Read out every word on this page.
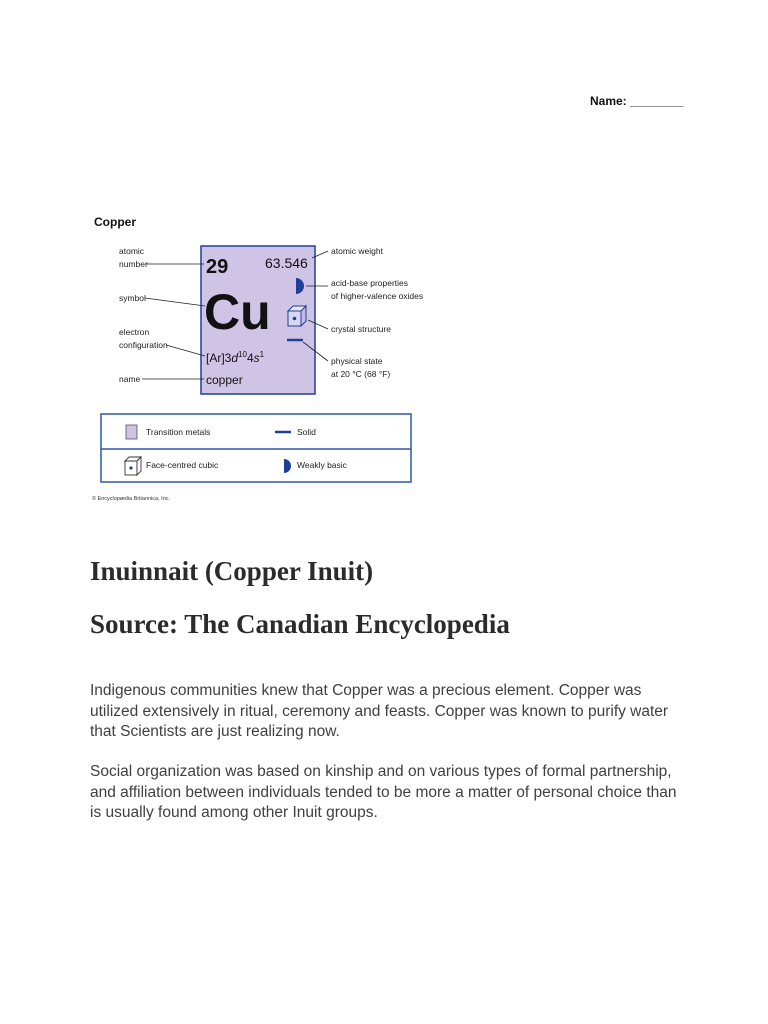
Name: ________
Copper
29	63.546
Cu
$[Ar]3d^{10}4s^1$
copper
atomic
number
symbol
electron
configuration
name
atomic weight
acid-base properties
of higher-valence oxides
crystal structure
physical state
at 20 °C (68 °F)
Transition metals	Solid
Face-centred cubic	Weakly basic
© Encyclopædia Britannica, Inc.
Inuinnait (Copper Inuit)
Source: The Canadian Encyclopedia

Indigenous communities knew that Copper was a precious element. Copper was utilized extensively in ritual, ceremony and feasts. Copper was known to purify water that Scientists are just realizing now.

Social organization was based on kinship and on various types of formal partnership, and affiliation between individuals tended to be more a matter of personal choice than is usually found among other Inuit groups.
